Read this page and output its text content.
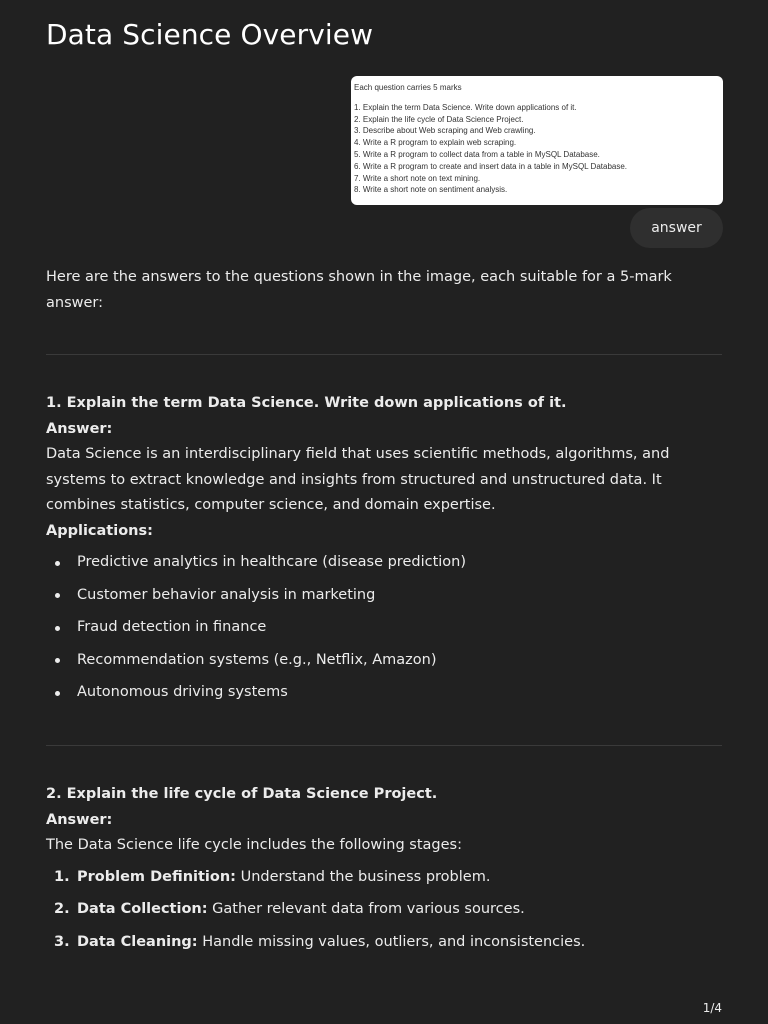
Data Science Overview
Each question carries 5 marks
1. Explain the term Data Science. Write down applications of it.
2. Explain the life cycle of Data Science Project.
3. Describe about Web scraping and Web crawling.
4. Write a R program to explain web scraping.
5. Write a R program to collect data from a table in MySQL Database.
6. Write a R program to create and insert data in a table in MySQL Database.
7. Write a short note on text mining.
8. Write a short note on sentiment analysis.
answer

Here are the answers to the questions shown in the image, each suitable for a 5-mark answer:

1. Explain the term Data Science. Write down applications of it.

Answer:

Data Science is an interdisciplinary field that uses scientific methods, algorithms, and systems to extract knowledge and insights from structured and unstructured data. It combines statistics, computer science, and domain expertise.

Applications:

Predictive analytics in healthcare (disease prediction)
Customer behavior analysis in marketing
Fraud detection in finance
Recommendation systems (e.g., Netflix, Amazon)
Autonomous driving systems

2. Explain the life cycle of Data Science Project.

Answer:

The Data Science life cycle includes the following stages:

1. Problem Definition: Understand the business problem.
2. Data Collection: Gather relevant data from various sources.
3. Data Cleaning: Handle missing values, outliers, and inconsistencies.
1/4
